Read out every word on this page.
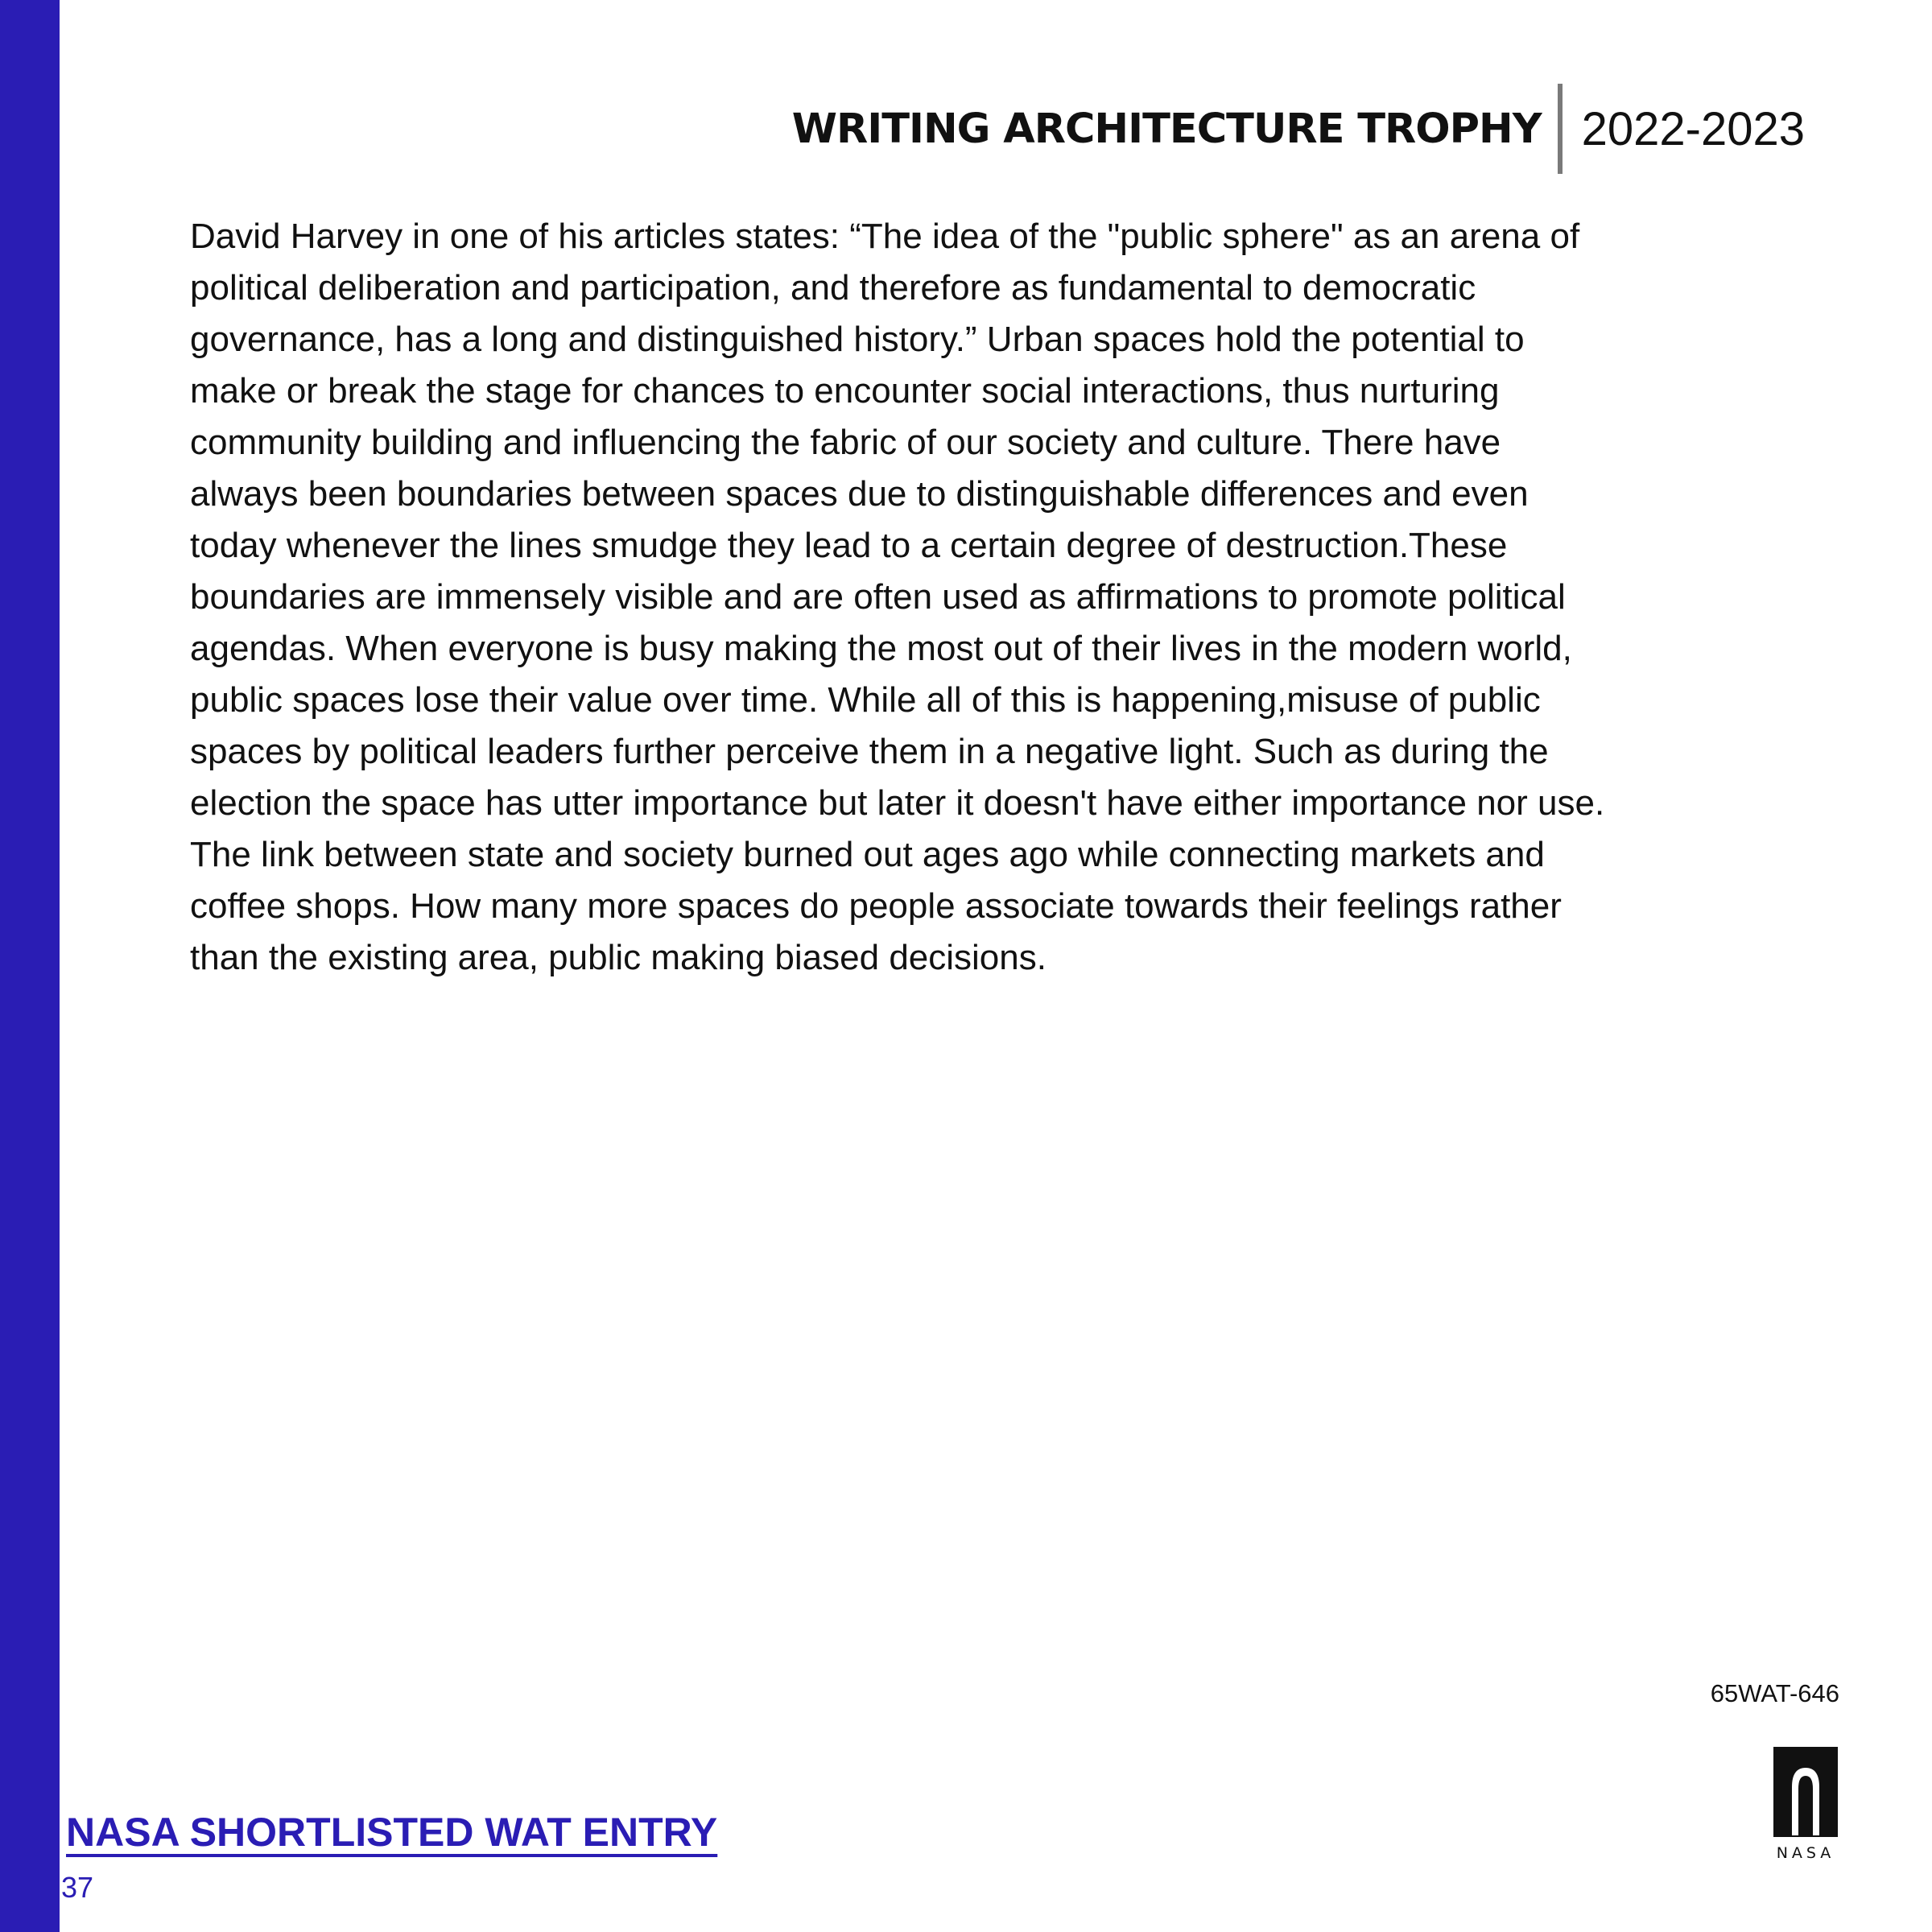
WRITING ARCHITECTURE TROPHY 2022-2023

David Harvey in one of his articles states: “The idea of the "public sphere" as an arena of
political deliberation and participation, and therefore as fundamental to democratic
governance, has a long and distinguished history.” Urban spaces hold the potential to
make or break the stage for chances to encounter social interactions, thus nurturing
community building and influencing the fabric of our society and culture. There have
always been boundaries between spaces due to distinguishable differences and even
today whenever the lines smudge they lead to a certain degree of destruction.These
boundaries are immensely visible and are often used as affirmations to promote political
agendas. When everyone is busy making the most out of their lives in the modern world,
public spaces lose their value over time. While all of this is happening,misuse of public
spaces by political leaders further perceive them in a negative light. Such as during the
election the space has utter importance but later it doesn't have either importance nor use.
The link between state and society burned out ages ago while connecting markets and
coffee shops. How many more spaces do people associate towards their feelings rather
than the existing area, public making biased decisions.

65WAT-646
NASA
NASA SHORTLISTED WAT ENTRY
37
